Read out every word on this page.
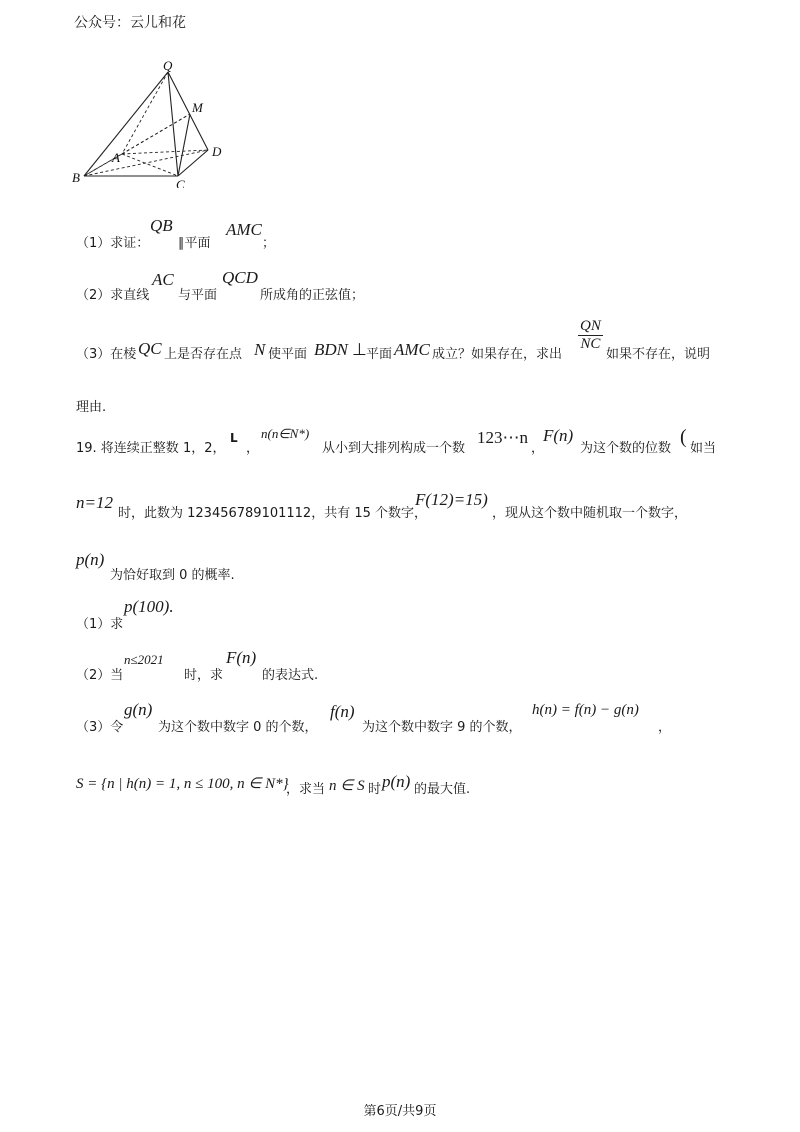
公众号：云儿和花
Q
M
A	D
B	C
（1）求证：
QB
∥平面
AMC
；
（2）求直线
AC
与平面
QCD
所成角的正弦值；
（3）在棱 QC 上是否存在点 N 使平面 BDN ⊥ 平面 AMC 成立？如果存在，求出
$\frac{QN}{NC}$
如果不存在，说明
理由.
19. 将连续正整数 1，2，
L
，
n(n∈N*)
从小到大排列构成一个数
123⋯n
，
F(n)
为这个数的位数
(
如当
n=12
时，此数为 123456789101112，共有 15 个数字，
F(12)=15)
，现从这个数中随机取一个数字，
p(n)
为恰好取到 0 的概率.
（1）求
p(100).
（2）当
n≤2021
时，求
F(n)
的表达式.
（3）令
g(n)
为这个数中数字 0 的个数，
f(n)
为这个数中数字 9 的个数，
h(n) = f(n) − g(n)
，
S = {n | h(n) = 1, n ≤ 100, n ∈ N*}
，求当 n ∈ S 时 p(n) 的最大值.
第6页/共9页
